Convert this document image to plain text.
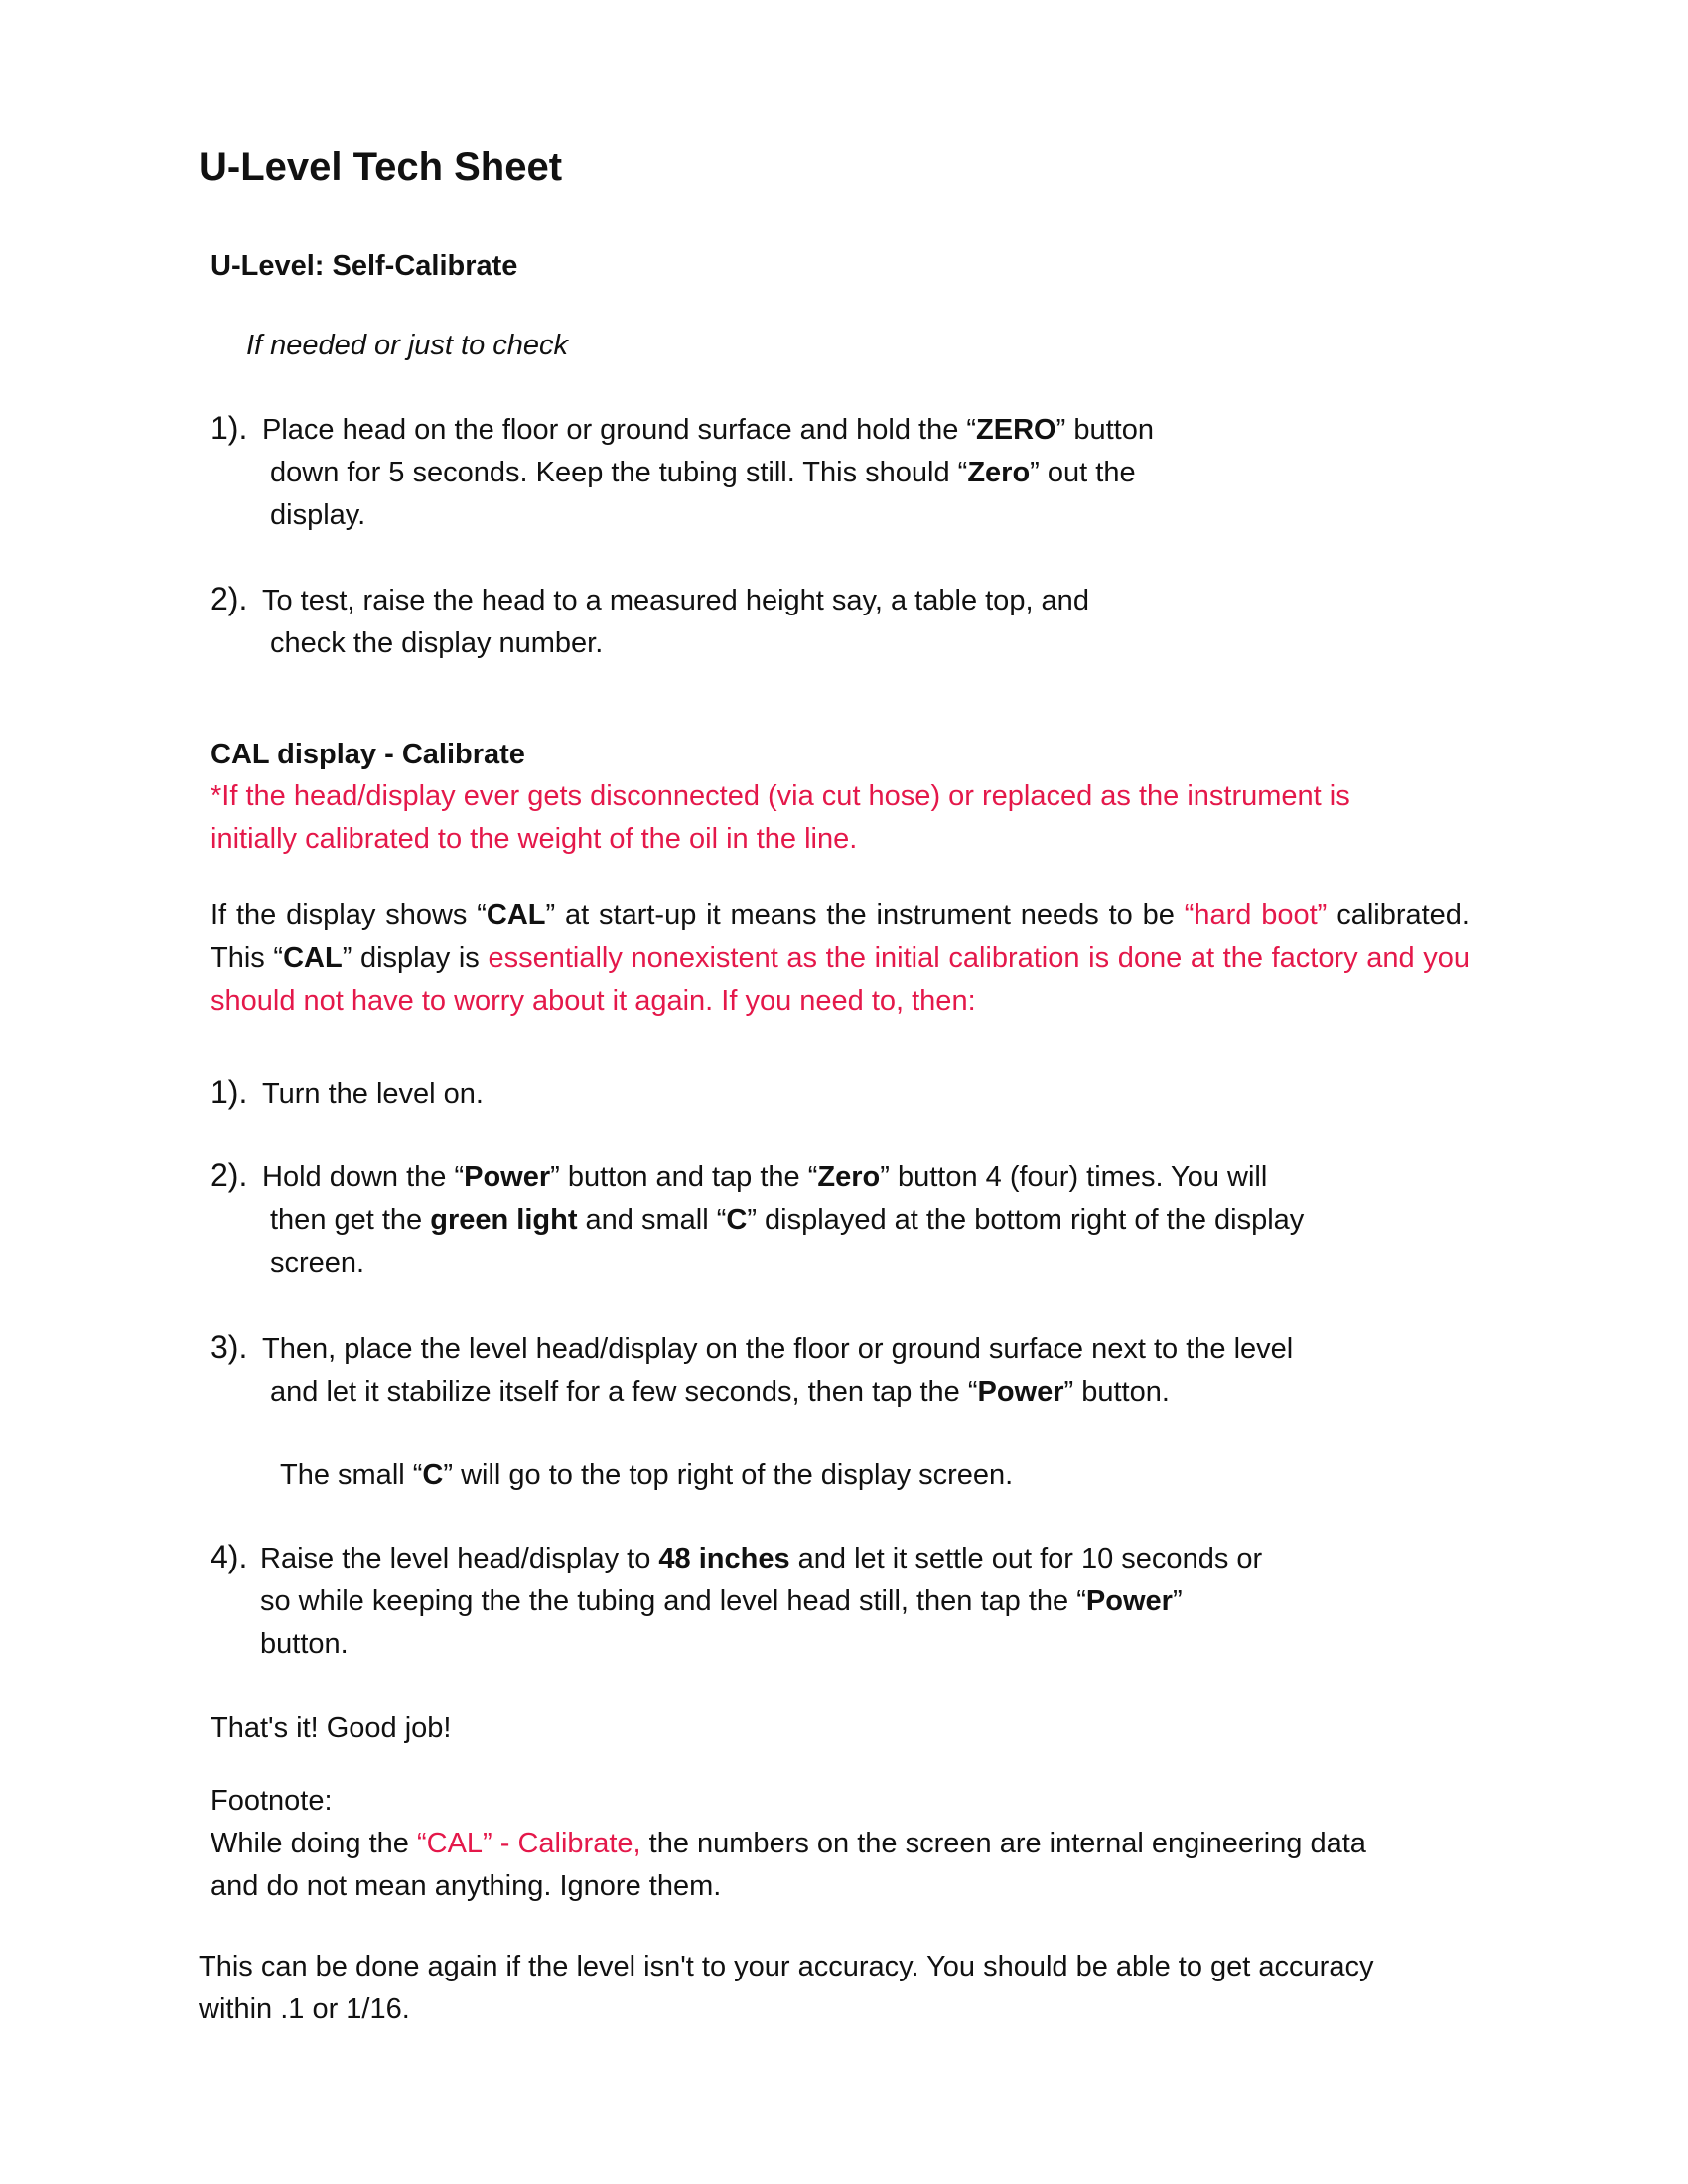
U-Level Tech Sheet
U-Level: Self-Calibrate
If needed or just to check
1). Place head on the floor or ground surface and hold the “ZERO” button
down for 5 seconds. Keep the tubing still. This should “Zero” out the
display.
2). To test, raise the head to a measured height say, a table top, and
check the display number.
CAL display - Calibrate
*If the head/display ever gets disconnected (via cut hose) or replaced as the instrument is
initially calibrated to the weight of the oil in the line.
If the display shows “CAL” at start-up it means the instrument needs to be “hard boot” calibrated. This “CAL” display is essentially nonexistent as the initial calibration is done at the factory and you should not have to worry about it again. If you need to, then:
1). Turn the level on.
2). Hold down the “Power” button and tap the “Zero” button 4 (four) times. You will
then get the green light and small “C” displayed at the bottom right of the display
screen.
3). Then, place the level head/display on the floor or ground surface next to the level
and let it stabilize itself for a few seconds, then tap the “Power” button.
The small “C” will go to the top right of the display screen.
4). Raise the level head/display to 48 inches and let it settle out for 10 seconds or
so while keeping the the tubing and level head still, then tap the “Power”
button.
That's it! Good job!
Footnote:
While doing the “CAL” - Calibrate, the numbers on the screen are internal engineering data
and do not mean anything. Ignore them.
This can be done again if the level isn't to your accuracy. You should be able to get accuracy
within .1 or 1/16.
